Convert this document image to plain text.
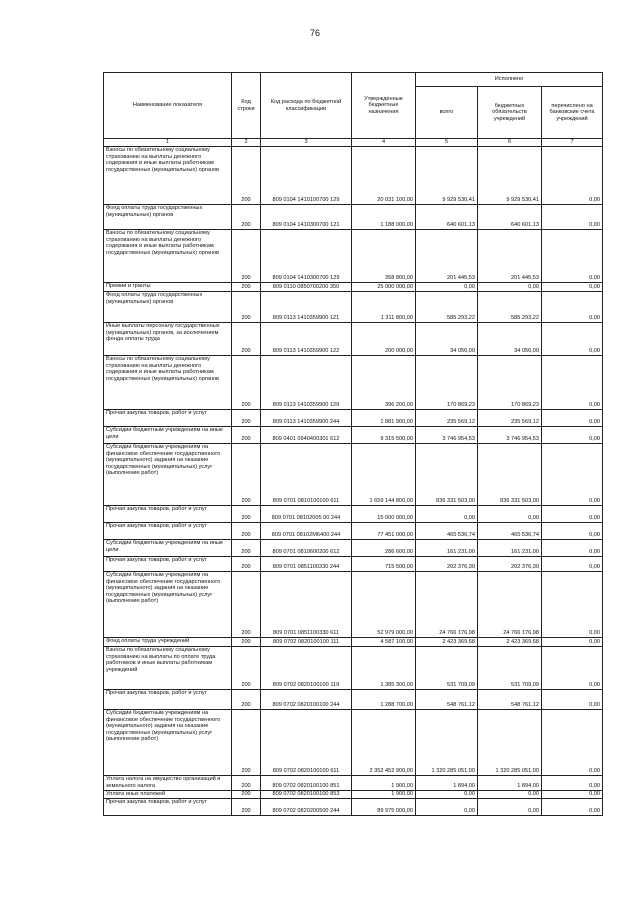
76
Наименование показателя	Код строки	Код расхода по бюджетной классификации	Утвержденные бюджетные назначения	Исполнено		
				всего	бюджетных обязательств учреждений	перечислено на банковские счета учреждений
1	2	3	4	5	6	7
Взносы по обязательному социальному страхованию на выплаты денежного содержания и иные выплаты работникам государственных (муниципальных) органов	200	809 0104 1410100700 129	20 031 100,00	9 929 530,41	9 929 530,41	0,00
Фонд оплаты труда государственных (муниципальных) органов	200	809 0104 1410300700 121	1 188 000,00	640 601,13	640 601,13	0,00
Взносы по обязательному социальному страхованию на выплаты денежного содержания и иные выплаты работникам государственных (муниципальных) органов	200	809 0104 1410300700 129	358 800,00	201 445,53	201 445,53	0,00
Премии и гранты	200	809 0110 0850700200 350	25 000 000,00	0,00	0,00	0,00
Фонд оплаты труда государственных (муниципальных) органов	200	809 0113 1410359900 121	1 311 800,00	585 293,22	585 293,22	0,00
Иные выплаты персоналу государственных (муниципальных) органов, за исключением фонда оплаты труда	200	809 0113 1410359900 122	200 000,00	34 056,00	34 056,00	0,00
Взносы по обязательному социальному страхованию на выплаты денежного содержания и иные выплаты работникам государственных (муниципальных) органов	200	809 0113 1410359900 129	396 200,00	170 869,23	170 869,23	0,00
Прочая закупка товаров, работ и услуг	200	809 0113 1410359900 244	1 881 900,00	235 569,12	235 569,12	0,00
Субсидии бюджетным учреждениям на иные цели	200	809 0401 0940400301 612	9 315 500,00	3 746 954,53	3 746 954,53	0,00
Субсидии бюджетным учреждениям на финансовое обеспечение государственного (муниципального) задания на оказание государственных (муниципальных) услуг (выполнение работ)	200	809 0701 0810100100 611	1 659 144 800,00	836 331 503,00	836 331 503,00	0,00
Прочая закупка товаров, работ и услуг	200	809 0701 08102005 00 244	15 000 000,00	0,00	0,00	0,00
Прочая закупка товаров, работ и услуг	200	809 0701 08102M6400 244	77 451 000,00	465 536,74	465 536,74	0,00
Субсидии бюджетным учреждениям на иные цели	200	809 0701 0810600200 612	286 600,00	161 231,00	161 231,00	0,00
Прочая закупка товаров, работ и услуг	200	809 0701 0851100330 244	715 500,00	202 376,30	202 376,30	0,00
Субсидии бюджетным учреждениям на финансовое обеспечение государственного (муниципального) задания на оказание государственных (муниципальных) услуг (выполнение работ)	200	809 0701 0851100330 611	52 979 000,00	24 766 176,98	24 766 176,98	0,00
Фонд оплаты труда учреждений	200	809 0702 0820100100 111	4 587 100,00	2 423 369,68	2 423 369,68	0,00
Взносы по обязательному социальному страхованию на выплаты по оплате труда работников и иные выплаты работникам учреждений	200	809 0702 0820100100 119	1 385 300,00	531 709,09	531 709,09	0,00
Прочая закупка товаров, работ и услуг	200	809 0702 0820100100 244	1 288 700,00	548 761,12	548 761,12	0,00
Субсидии бюджетным учреждениям на финансовое обеспечение государственного (муниципального) задания на оказание государственных (муниципальных) услуг (выполнение работ)	200	809 0702 0820100100 611	2 352 452 900,00	1 320 285 051,00	1 320 285 051,00	0,00
Уплата налога на имущество организаций и земельного налога	200	809 0702 0820100100 851	1 900,00	1 894,00	1 894,00	0,00
Уплата иных платежей	200	809 0702 0820100100 853	1 900,00	0,00	0,00	0,00
Прочая закупка товаров, работ и услуг	200	809 0702 0820200500 244	89 975 000,00	0,00	0,00	0,00
